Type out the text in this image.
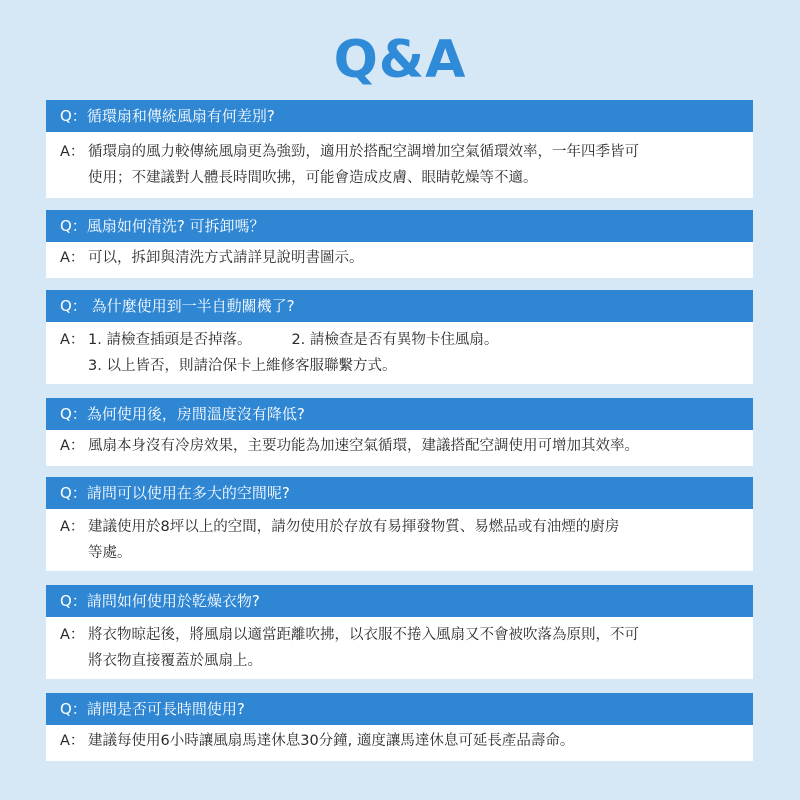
Q&A
Q：循環扇和傳統風扇有何差別?
A： 循環扇的風力較傳統風扇更為強勁，適用於搭配空調增加空氣循環效率，一年四季皆可
使用；不建議對人體長時間吹拂，可能會造成皮膚、眼睛乾燥等不適。
Q：風扇如何清洗? 可拆卸嗎？
A： 可以，拆卸與清洗方式請詳見說明書圖示。
Q： 為什麼使用到一半自動關機了?
A： 1. 請檢查插頭是否掉落。	2. 請檢查是否有異物卡住風扇。
3. 以上皆否，則請洽保卡上維修客服聯繫方式。
Q：為何使用後，房間溫度沒有降低?
A： 風扇本身沒有冷房效果，主要功能為加速空氣循環，建議搭配空調使用可增加其效率。
Q：請問可以使用在多大的空間呢?
A： 建議使用於8坪以上的空間，請勿使用於存放有易揮發物質、易燃品或有油煙的廚房
等處。
Q：請問如何使用於乾燥衣物?
A： 將衣物晾起後，將風扇以適當距離吹拂，以衣服不捲入風扇又不會被吹落為原則，不可
將衣物直接覆蓋於風扇上。
Q：請問是否可長時間使用?
A： 建議每使用6小時讓風扇馬達休息30分鐘, 適度讓馬達休息可延長產品壽命。
